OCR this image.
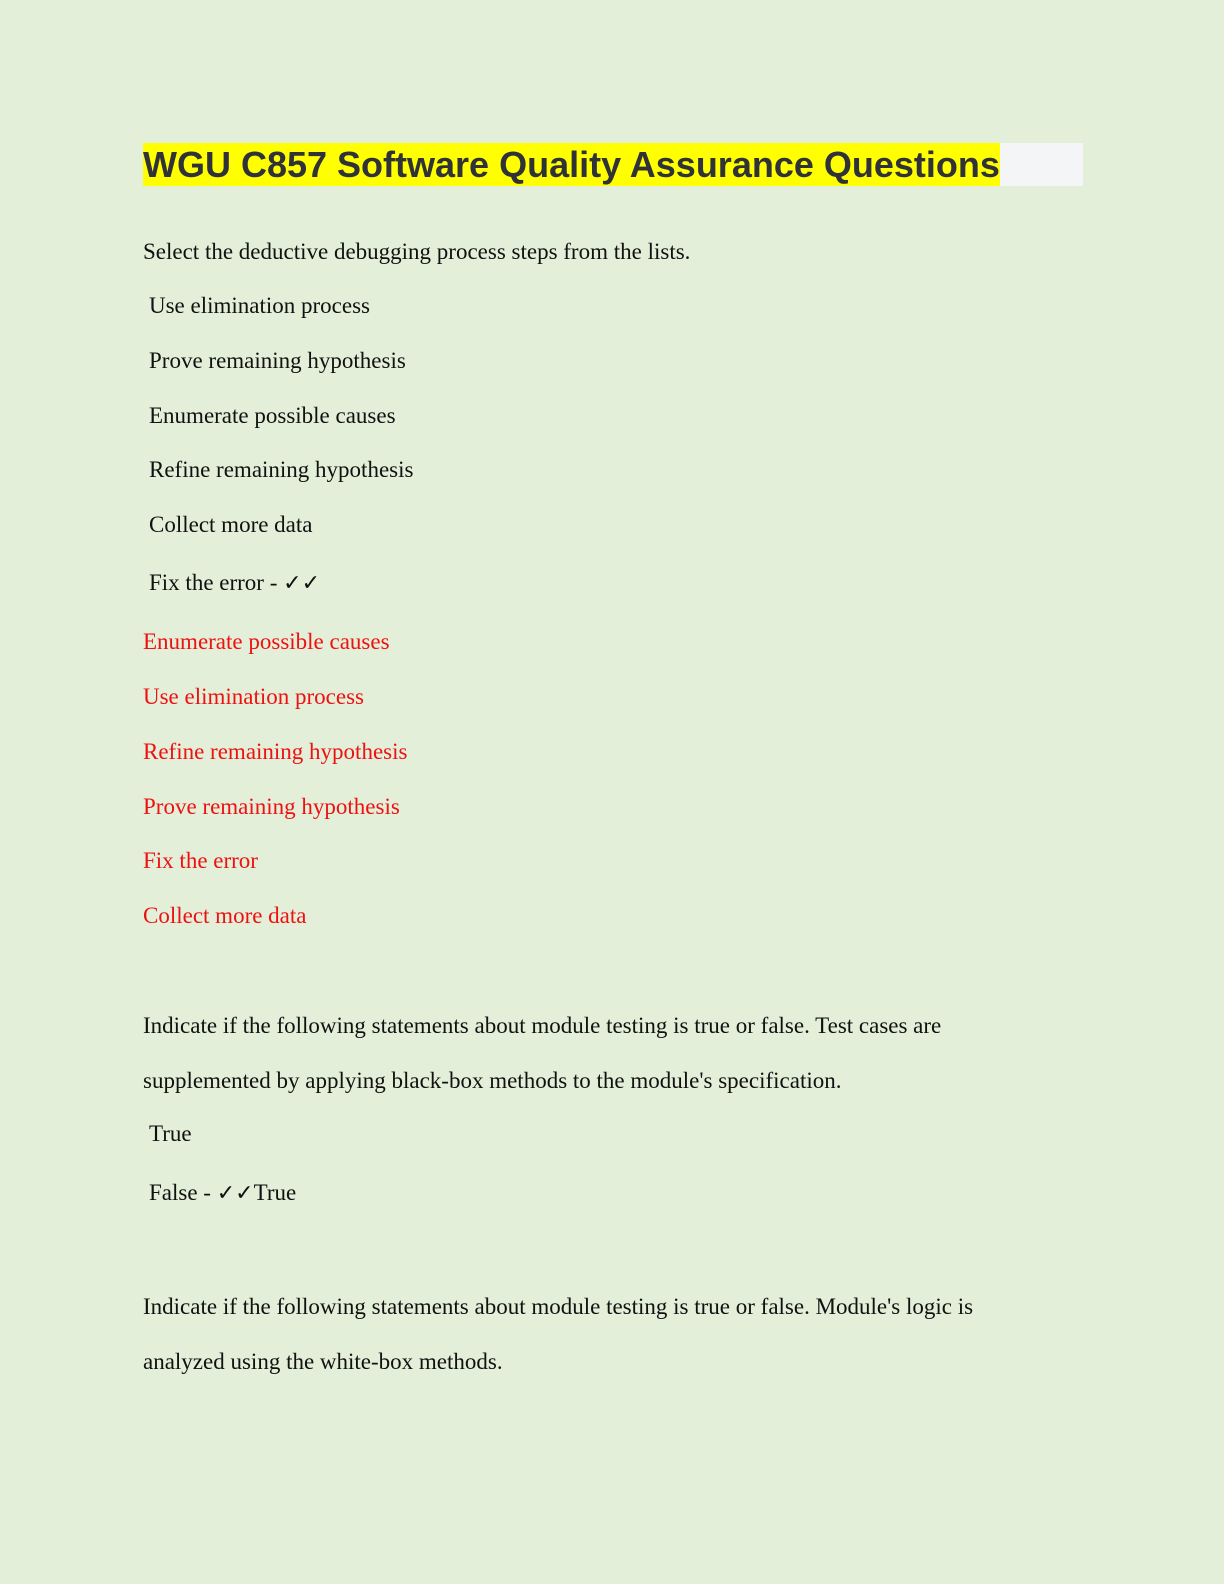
WGU C857 Software Quality Assurance Questions

Select the deductive debugging process steps from the lists.

Use elimination process

Prove remaining hypothesis

Enumerate possible causes

Refine remaining hypothesis

Collect more data

Fix the error - ✓✓

Enumerate possible causes

Use elimination process

Refine remaining hypothesis

Prove remaining hypothesis

Fix the error

Collect more data

Indicate if the following statements about module testing is true or false. Test cases are

supplemented by applying black-box methods to the module's specification.

True

False - ✓✓True

Indicate if the following statements about module testing is true or false. Module's logic is

analyzed using the white-box methods.
